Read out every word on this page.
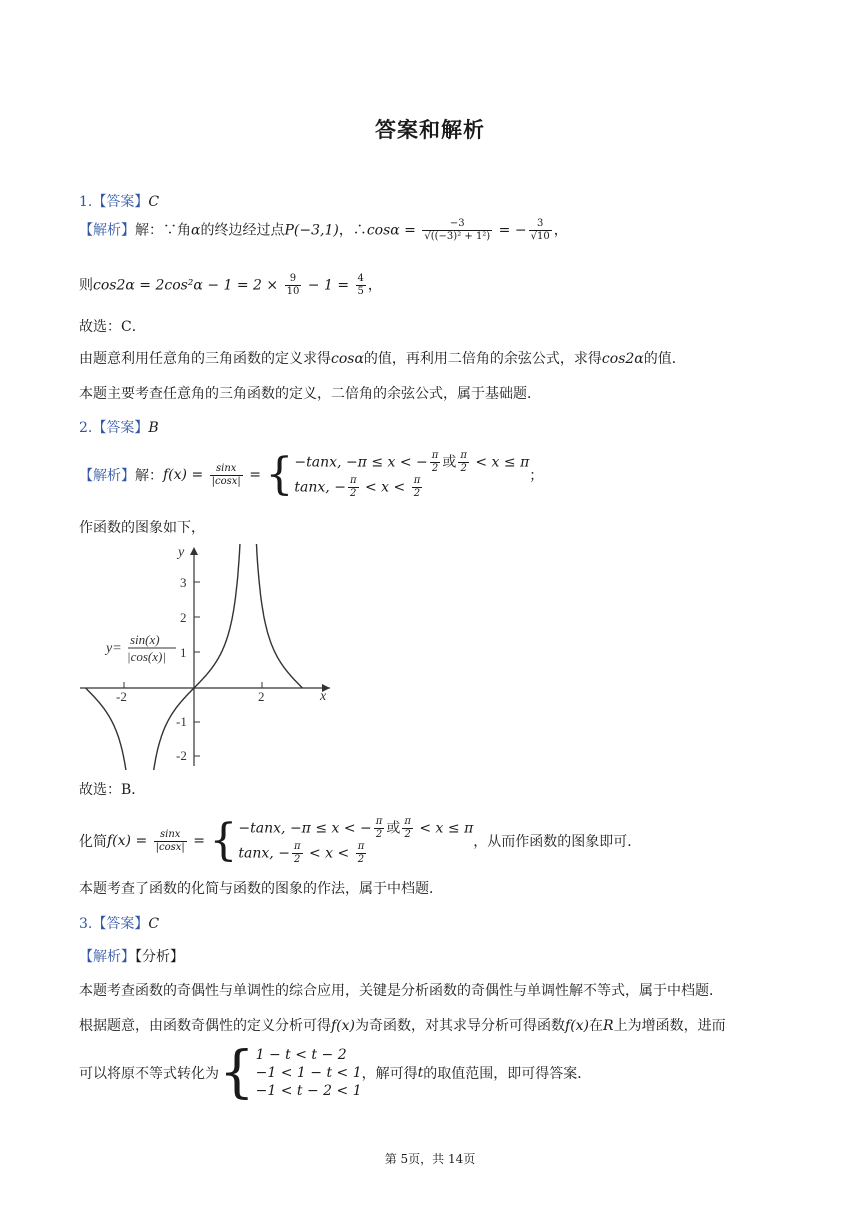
答案和解析
1.【答案】C
【解析】解：∵角α的终边经过点P(−3,1)，∴cosα = $\frac{-3}{\text{√((−3)² + 1²)}}$ = − $\frac{3}{√10}$ ，
则$\cos 2\alpha = 2\cos^2\alpha - 1 = 2 \times \frac{9}{10} - 1 = \frac{4}{5}$ ，
故选：C．
由题意利用任意角的三角函数的定义求得cosα的值，再利用二倍角的余弦公式，求得cos2α的值．
本题主要考查任意角的三角函数的定义，二倍角的余弦公式，属于基础题．
2.【答案】B
【解析】解：$f(x) = \frac{\sin x}{|\cos x|}$ = { −tanx, −π ≤ x < − $\frac{\pi}{2}$ 或 $\frac{\pi}{2} < x \le \pi$
tanx, − $\frac{\pi}{2} < x < \frac{\pi}{2}$	；
作函数的图象如下，
y
x
-2	2
3
2
1
-1
-2
y=
sin(x)
|cos(x)|
故选：B．
化简$f(x) = \frac{\sin x}{|\cos x|}$ = { −tanx, −π ≤ x < − $\frac{\pi}{2}$ 或 $\frac{\pi}{2} < x \le \pi$
tanx, − $\frac{\pi}{2} < x < \frac{\pi}{2}$	，从而作函数的图象即可．
本题考查了函数的化简与函数的图象的作法，属于中档题．
3.【答案】C
【解析】【分析】
本题考查函数的奇偶性与单调性的综合应用，关键是分析函数的奇偶性与单调性解不等式，属于中档题．
根据题意，由函数奇偶性的定义分析可得f(x)为奇函数，对其求导分析可得函数f(x)在R上为增函数，进而
可以将原不等式转化为{ 1 − t < t − 2
−1 < 1 − t < 1
−1 < t − 2 < 1
，解可得t的取值范围，即可得答案．
第 5页，共 14页
